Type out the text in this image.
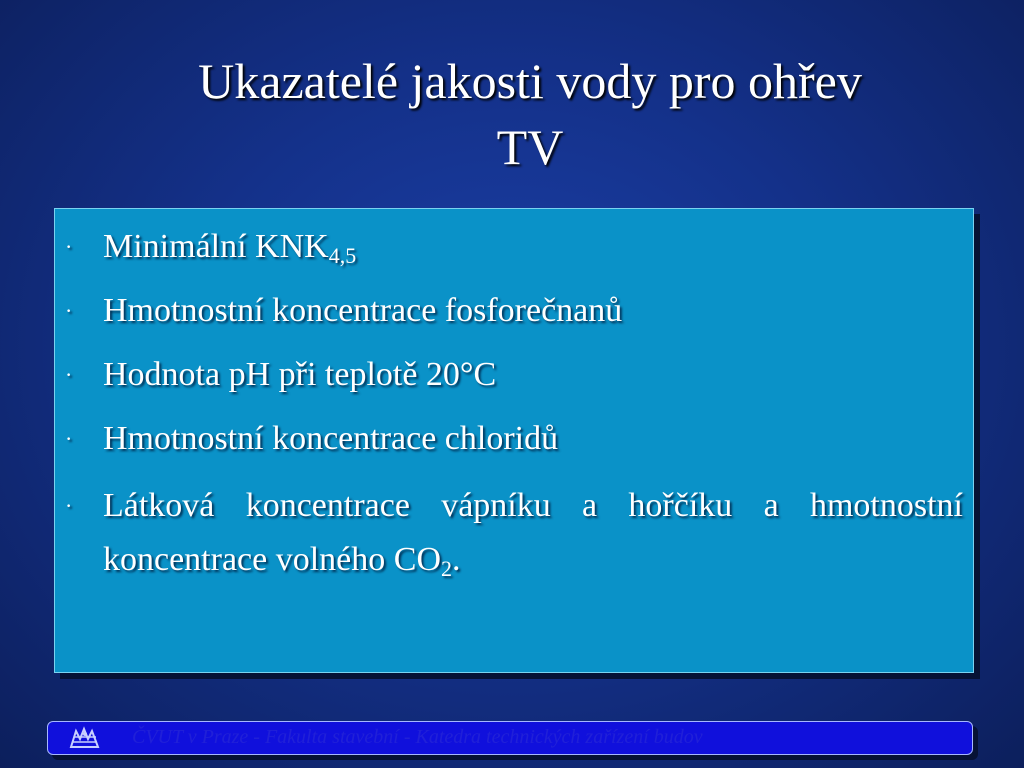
Ukazatelé jakosti vody pro ohřev
TV
· Minimální $KNK_{4,5}$
· Hmotnostní koncentrace fosforečnanů
· Hodnota pH při teplotě 20°C
· Hmotnostní koncentrace chloridů
· Látková koncentrace vápníku a hořčíku a hmotnostní koncentrace volného $CO_2$.
ČVUT v Praze - Fakulta stavební - Katedra technických zařízení budov
